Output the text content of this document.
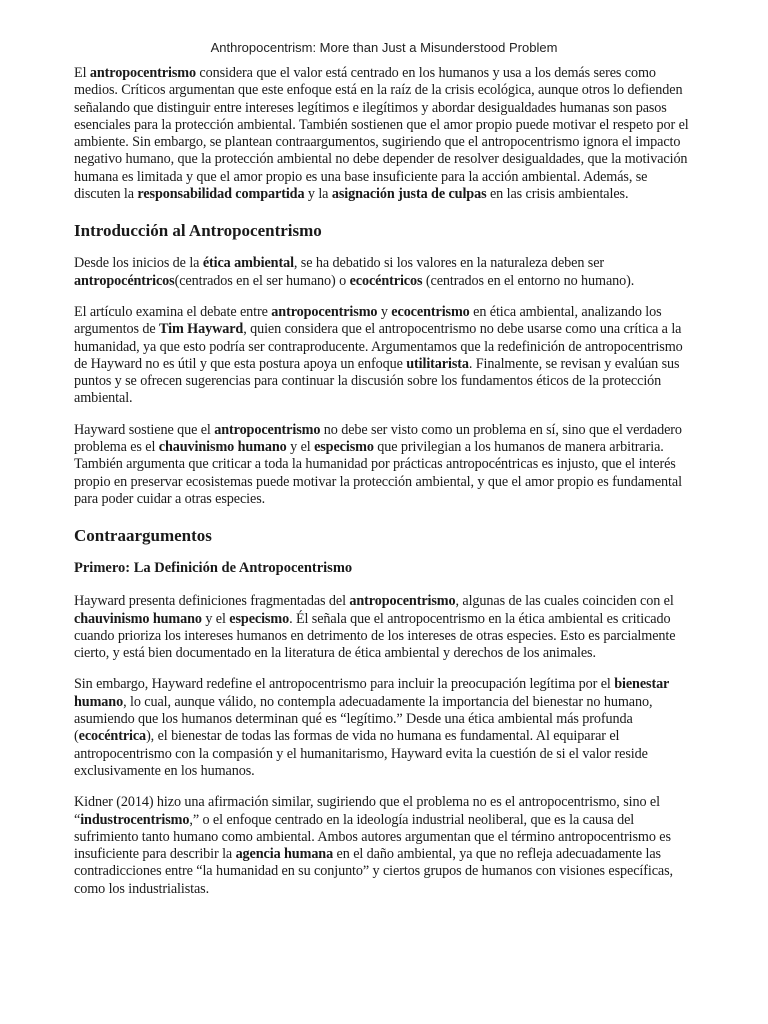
Anthropocentrism: More than Just a Misunderstood Problem

El antropocentrismo considera que el valor está centrado en los humanos y usa a los demás seres como medios. Críticos argumentan que este enfoque está en la raíz de la crisis ecológica, aunque otros lo defienden señalando que distinguir entre intereses legítimos e ilegítimos y abordar desigualdades humanas son pasos esenciales para la protección ambiental. También sostienen que el amor propio puede motivar el respeto por el ambiente. Sin embargo, se plantean contraargumentos, sugiriendo que el antropocentrismo ignora el impacto negativo humano, que la protección ambiental no debe depender de resolver desigualdades, que la motivación humana es limitada y que el amor propio es una base insuficiente para la acción ambiental. Además, se discuten la responsabilidad compartida y la asignación justa de culpas en las crisis ambientales.

Introducción al Antropocentrismo

Desde los inicios de la ética ambiental, se ha debatido si los valores en la naturaleza deben ser antropocéntricos(centrados en el ser humano) o ecocéntricos (centrados en el entorno no humano).

El artículo examina el debate entre antropocentrismo y ecocentrismo en ética ambiental, analizando los argumentos de Tim Hayward, quien considera que el antropocentrismo no debe usarse como una crítica a la humanidad, ya que esto podría ser contraproducente. Argumentamos que la redefinición de antropocentrismo de Hayward no es útil y que esta postura apoya un enfoque utilitarista. Finalmente, se revisan y evalúan sus puntos y se ofrecen sugerencias para continuar la discusión sobre los fundamentos éticos de la protección ambiental.

Hayward sostiene que el antropocentrismo no debe ser visto como un problema en sí, sino que el verdadero problema es el chauvinismo humano y el especismo que privilegian a los humanos de manera arbitraria. También argumenta que criticar a toda la humanidad por prácticas antropocéntricas es injusto, que el interés propio en preservar ecosistemas puede motivar la protección ambiental, y que el amor propio es fundamental para poder cuidar a otras especies.

Contraargumentos
Primero: La Definición de Antropocentrismo

Hayward presenta definiciones fragmentadas del antropocentrismo, algunas de las cuales coinciden con el chauvinismo humano y el especismo. Él señala que el antropocentrismo en la ética ambiental es criticado cuando prioriza los intereses humanos en detrimento de los intereses de otras especies. Esto es parcialmente cierto, y está bien documentado en la literatura de ética ambiental y derechos de los animales.

Sin embargo, Hayward redefine el antropocentrismo para incluir la preocupación legítima por el bienestar humano, lo cual, aunque válido, no contempla adecuadamente la importancia del bienestar no humano, asumiendo que los humanos determinan qué es “legítimo.” Desde una ética ambiental más profunda (ecocéntrica), el bienestar de todas las formas de vida no humana es fundamental. Al equiparar el antropocentrismo con la compasión y el humanitarismo, Hayward evita la cuestión de si el valor reside exclusivamente en los humanos.

Kidner (2014) hizo una afirmación similar, sugiriendo que el problema no es el antropocentrismo, sino el “industrocentrismo,” o el enfoque centrado en la ideología industrial neoliberal, que es la causa del sufrimiento tanto humano como ambiental. Ambos autores argumentan que el término antropocentrismo es insuficiente para describir la agencia humana en el daño ambiental, ya que no refleja adecuadamente las contradicciones entre “la humanidad en su conjunto” y ciertos grupos de humanos con visiones específicas, como los industrialistas.
